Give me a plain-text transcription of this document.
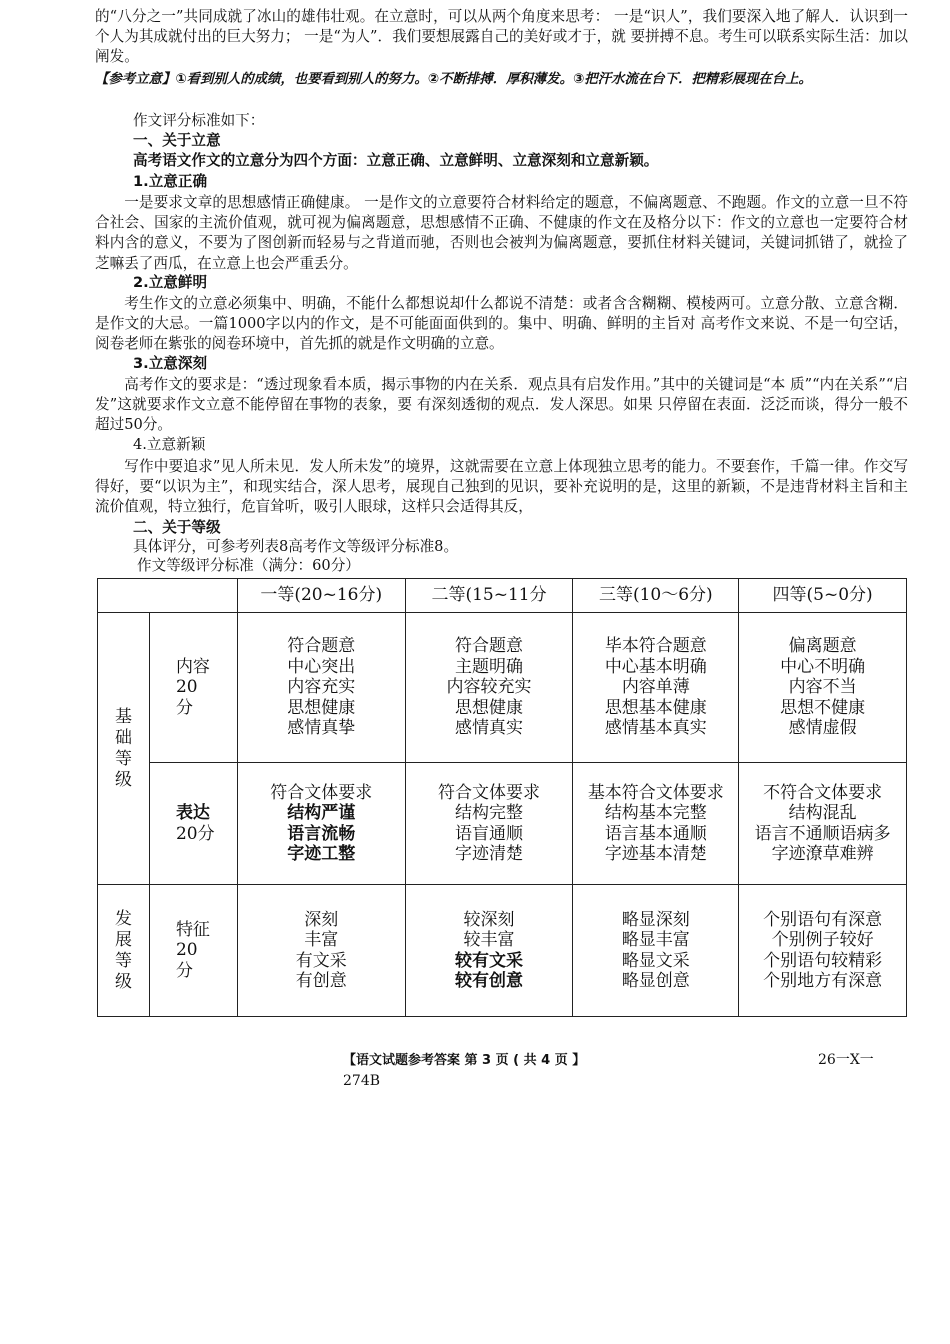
的“八分之一”共同成就了冰山的雄伟壮观。在立意时，可以从两个角度来思考： 一是“识人”，我们要深入地了解人．认识到一个人为其成就付出的巨大努力； 一是“为人”．我们要想展露自己的美好或才于，就 要拼搏不息。考生可以联系实际生活：加以阐发。

【参考立意】①看到别人的成绩，也要看到别人的努力。②不断排搏．厚积薄发。③把汗水流在台下．把精彩展现在台上。

作文评分标准如下：

一、关于立意

高考语文作文的立意分为四个方面：立意正确、立意鲜明、立意深刻和立意新颖。

1.立意正确

一是要求文章的思想感情正确健康。 一是作文的立意要符合材料给定的题意，不偏离题意、不跑题。作文的立意一旦不符合社会、国家的主流价值观，就可视为偏离题意，思想感情不正确、不健康的作文在及格分以下：作文的立意也一定要符合材料内含的意义，不要为了图创新而轻易与之背道而驰，否则也会被判为偏离题意，要抓住材料关键词，关键词抓错了，就捡了芝嘛丢了西瓜，在立意上也会严重丢分。

2.立意鲜明

考生作文的立意必须集中、明确，不能什么都想说却什么都说不清楚：或者含含糊糊、模棱两可。立意分散、立意含糊．是作文的大忌。一篇1000字以内的作文，是不可能面面供到的。集中、明确、鲜明的主旨对 高考作文来说、不是一句空话，阅卷老师在紫张的阅卷环境中，首先抓的就是作文明确的立意。

3.立意深刻

高考作文的要求是：“透过现象看本质，揭示事物的内在关系．观点具有启发作用。”其中的关键词是“本 质”“内在关系”“启发”这就要求作文立意不能停留在事物的表象，要 有深刻透彻的观点．发人深思。如果 只停留在表面．泛泛而谈，得分一般不超过50分。

4.立意新颖

写作中要追求”见人所未见．发人所未发”的境界，这就需要在立意上体现独立思考的能力。不要套作，千篇一律。作交写得好，要“以识为主”，和现实结合，深人思考，展现自己独到的见识，要补充说明的是，这里的新颖，不是违背材料主旨和主流价值观，特立独行，危盲耸听，吸引人眼球，这样只会适得其反，

二、关于等级

具体评分，可参考列表8高考作文等级评分标准8。

作文等级评分标准（满分：60分）

		一等(20~16分)	二等(15~11分	三等(10～6分)	四等(5~0分)
基础等级	内容
20
分	符合题意
中心突出
内容充实
思想健康
感情真挚	符合题意
主题明确
内容较充实
思想健康
感情真实	毕本符合题意
中心基本明确
内容单薄
思想基本健康
感情基本真实	偏离题意
中心不明确
内容不当
思想不健康
感情虚假

	表达
20分	符合文体要求
结构严谨
语言流畅
字迹工整	符合文体要求
结构完整
语盲通顺
字迹清楚	基本符合文体要求
结构基本完整
语言基本通顺
字迹基本清楚	不符合文体要求
结构混乱
语言不通顺语病多
字迹潦草难辨

发展等级	特征
20
分	深刻
丰富
有文采
有创意	较深刻
较丰富
较有文采
较有创意	略显深刻
略显丰富
略显文采
略显创意	个别语句有深意
个别例子较好
个别语句较精彩
个别地方有深意

【语文试题参考答案 第 3 页 ( 共 4 页 】	26一X一

274B
